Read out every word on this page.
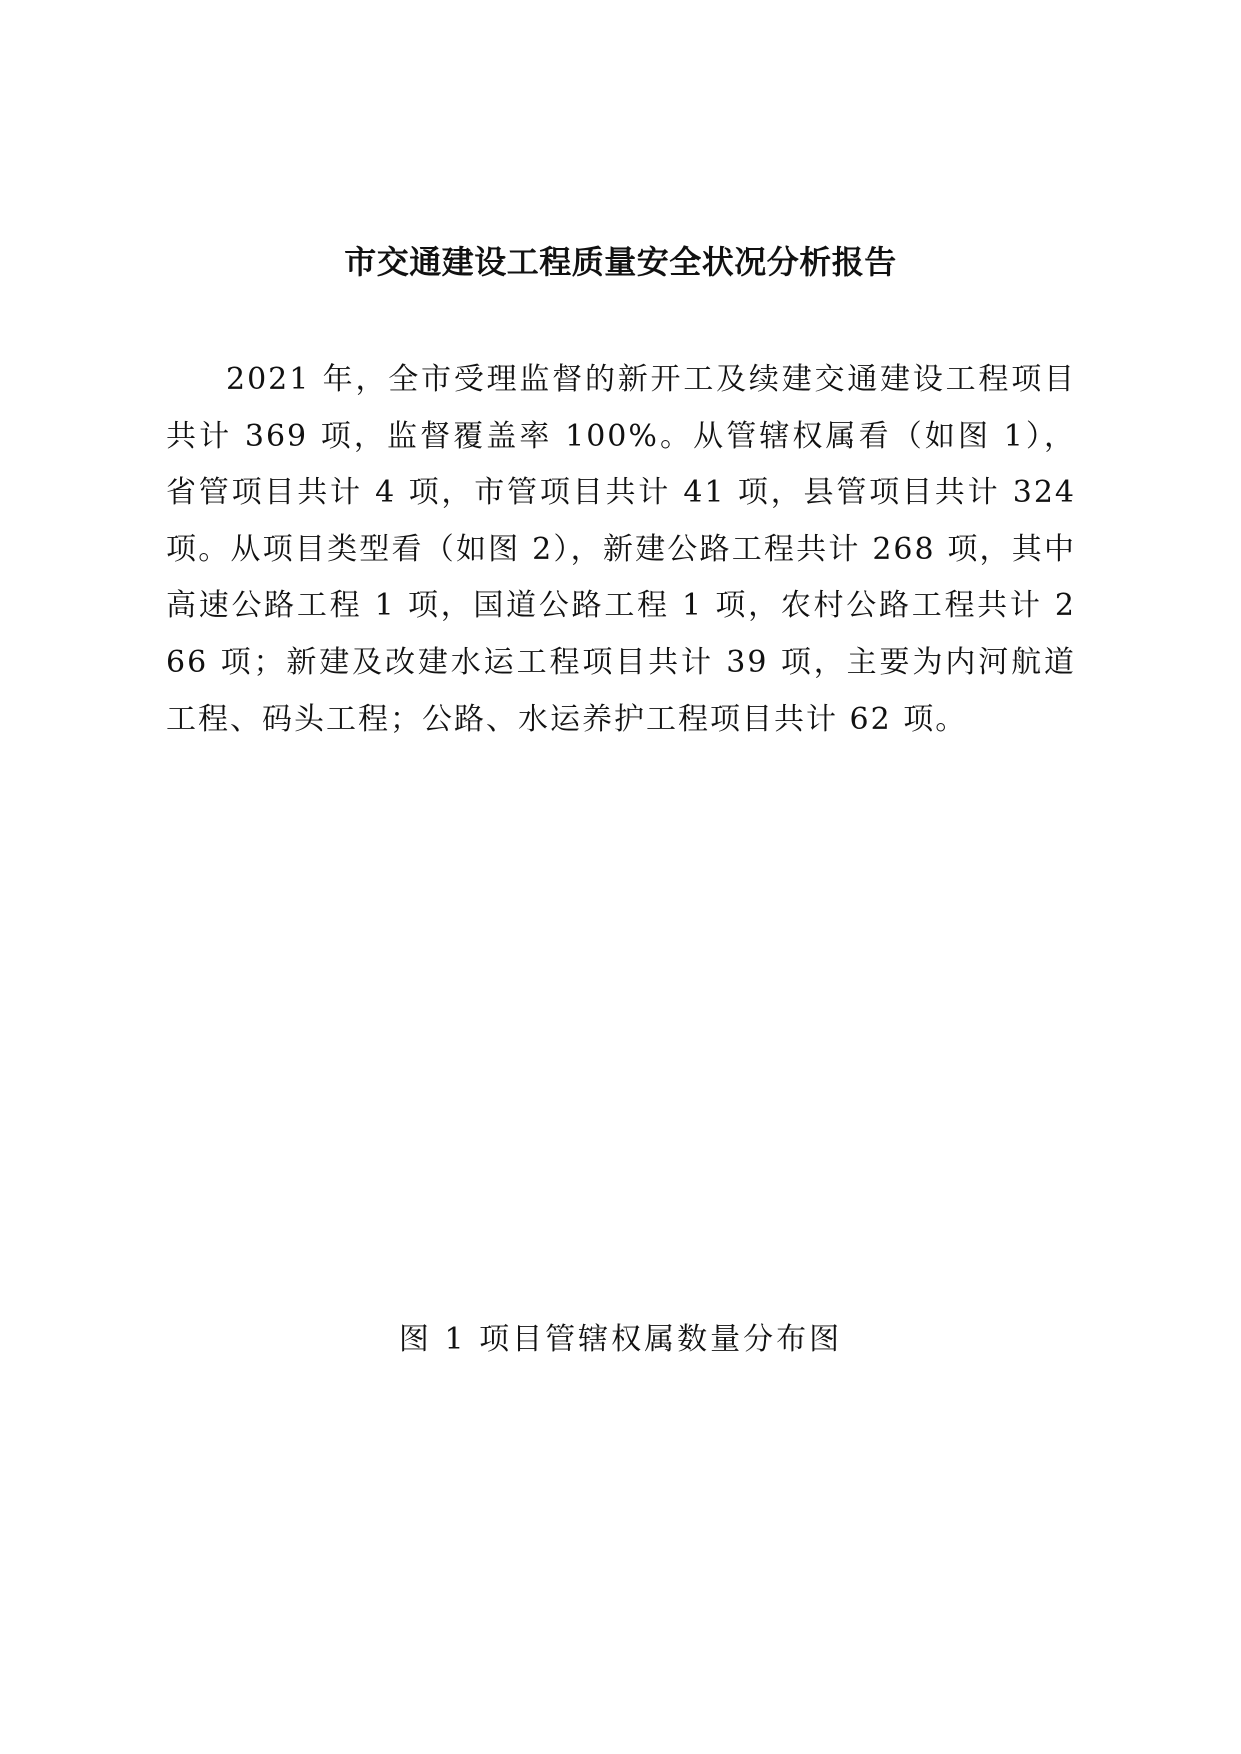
市交通建设工程质量安全状况分析报告

2021 年，全市受理监督的新开工及续建交通建设工程项目共计 369 项，监督覆盖率 100%。从管辖权属看（如图 1），省管项目共计 4 项，市管项目共计 41 项，县管项目共计 324 项。从项目类型看（如图 2），新建公路工程共计 268 项，其中高速公路工程 1 项，国道公路工程 1 项，农村公路工程共计 266 项；新建及改建水运工程项目共计 39 项，主要为内河航道工程、码头工程；公路、水运养护工程项目共计 62 项。

图 1 项目管辖权属数量分布图
